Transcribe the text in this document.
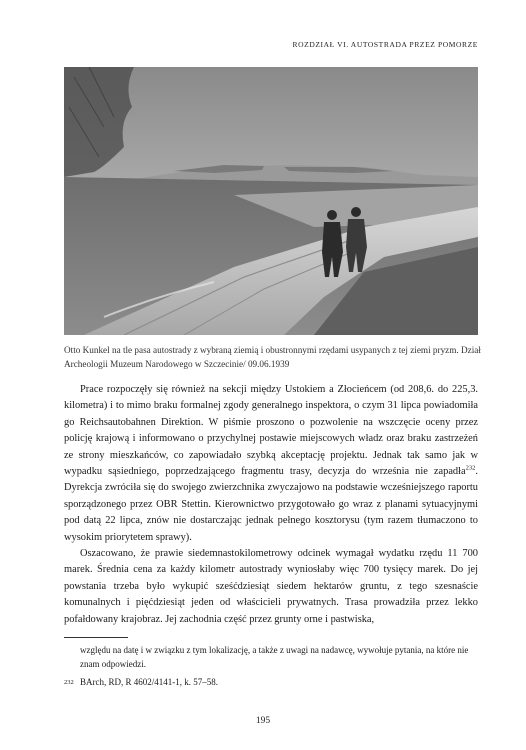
ROZDZIAŁ VI. AUTOSTRADA PRZEZ POMORZE
Otto Kunkel na tle pasa autostrady z wybraną ziemią i obustronnymi rzędami usypanych z tej ziemi pryzm. Dział Archeologii Muzeum Narodowego w Szczecinie/ 09.06.1939

Prace rozpoczęły się również na sekcji między Ustokiem a Złocieńcem (od 208,6. do 225,3. kilometra) i to mimo braku formalnej zgody generalnego inspektora, o czym 31 lipca powiadomiła go Reichsautobahnen Direktion. W piśmie proszono o pozwolenie na wszczęcie oceny przez policję krajową i informowano o przychylnej postawie miejscowych władz oraz braku zastrzeżeń ze strony mieszkańców, co zapowiadało szybką akceptację projektu. Jednak tak samo jak w wypadku sąsiedniego, poprzedzającego fragmentu trasy, decyzja do września nie zapadła$^{232}$. Dyrekcja zwróciła się do swojego zwierzchnika zwyczajowo na podstawie wcześniejszego raportu sporządzonego przez OBR Stettin. Kierownictwo przygotowało go wraz z planami sytuacyjnymi pod datą 22 lipca, znów nie dostarczając jednak pełnego kosztorysu (tym razem tłumaczono to wysokim priorytetem sprawy).

Oszacowano, że prawie siedemnastokilometrowy odcinek wymagał wydatku rzędu 11 700 marek. Średnia cena za każdy kilometr autostrady wyniosłaby więc 700 tysięcy marek. Do jej powstania trzeba było wykupić sześćdziesiąt siedem hektarów gruntu, z tego szesnaście komunalnych i pięćdziesiąt jeden od właścicieli prywatnych. Trasa prowadziła przez lekko pofałdowany krajobraz. Jej zachodnia część przez grunty orne i pastwiska,

względu na datę i w związku z tym lokalizację, a także z uwagi na nadawcę, wywołuje pytania, na które nie znam odpowiedzi.

232 BArch, RD, R 4602/4141-1, k. 57–58.
195
